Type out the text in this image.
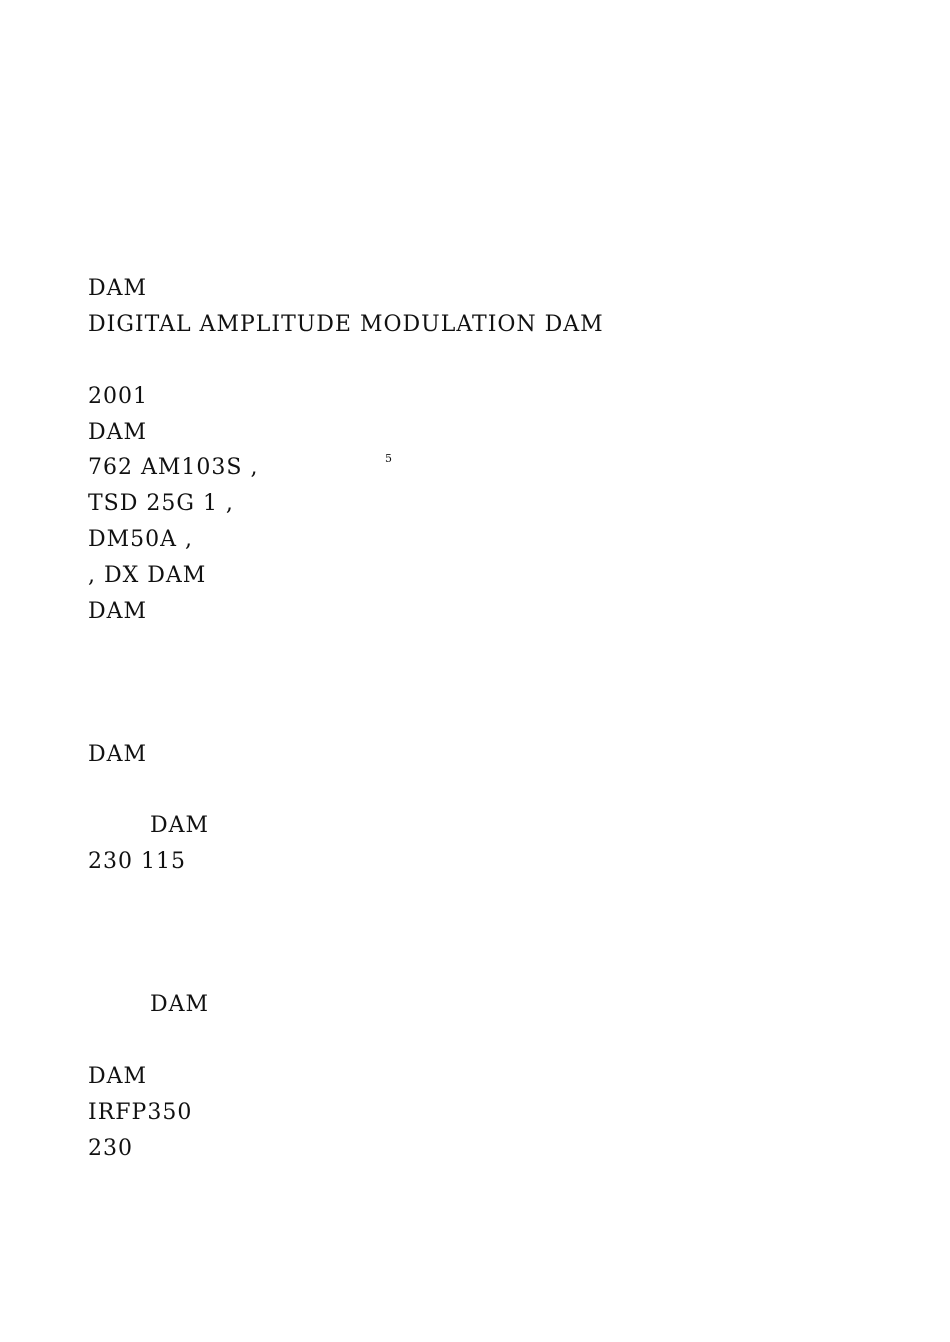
DAM
DIGITAL AMPLITUDE MODULATION DAM
2001
DAM
762 AM103S ,
TSD 25G 1 ,
DM50A ,
, DX DAM
DAM
DAM
DAM
230 115
DAM
DAM
IRFP350
230
5
